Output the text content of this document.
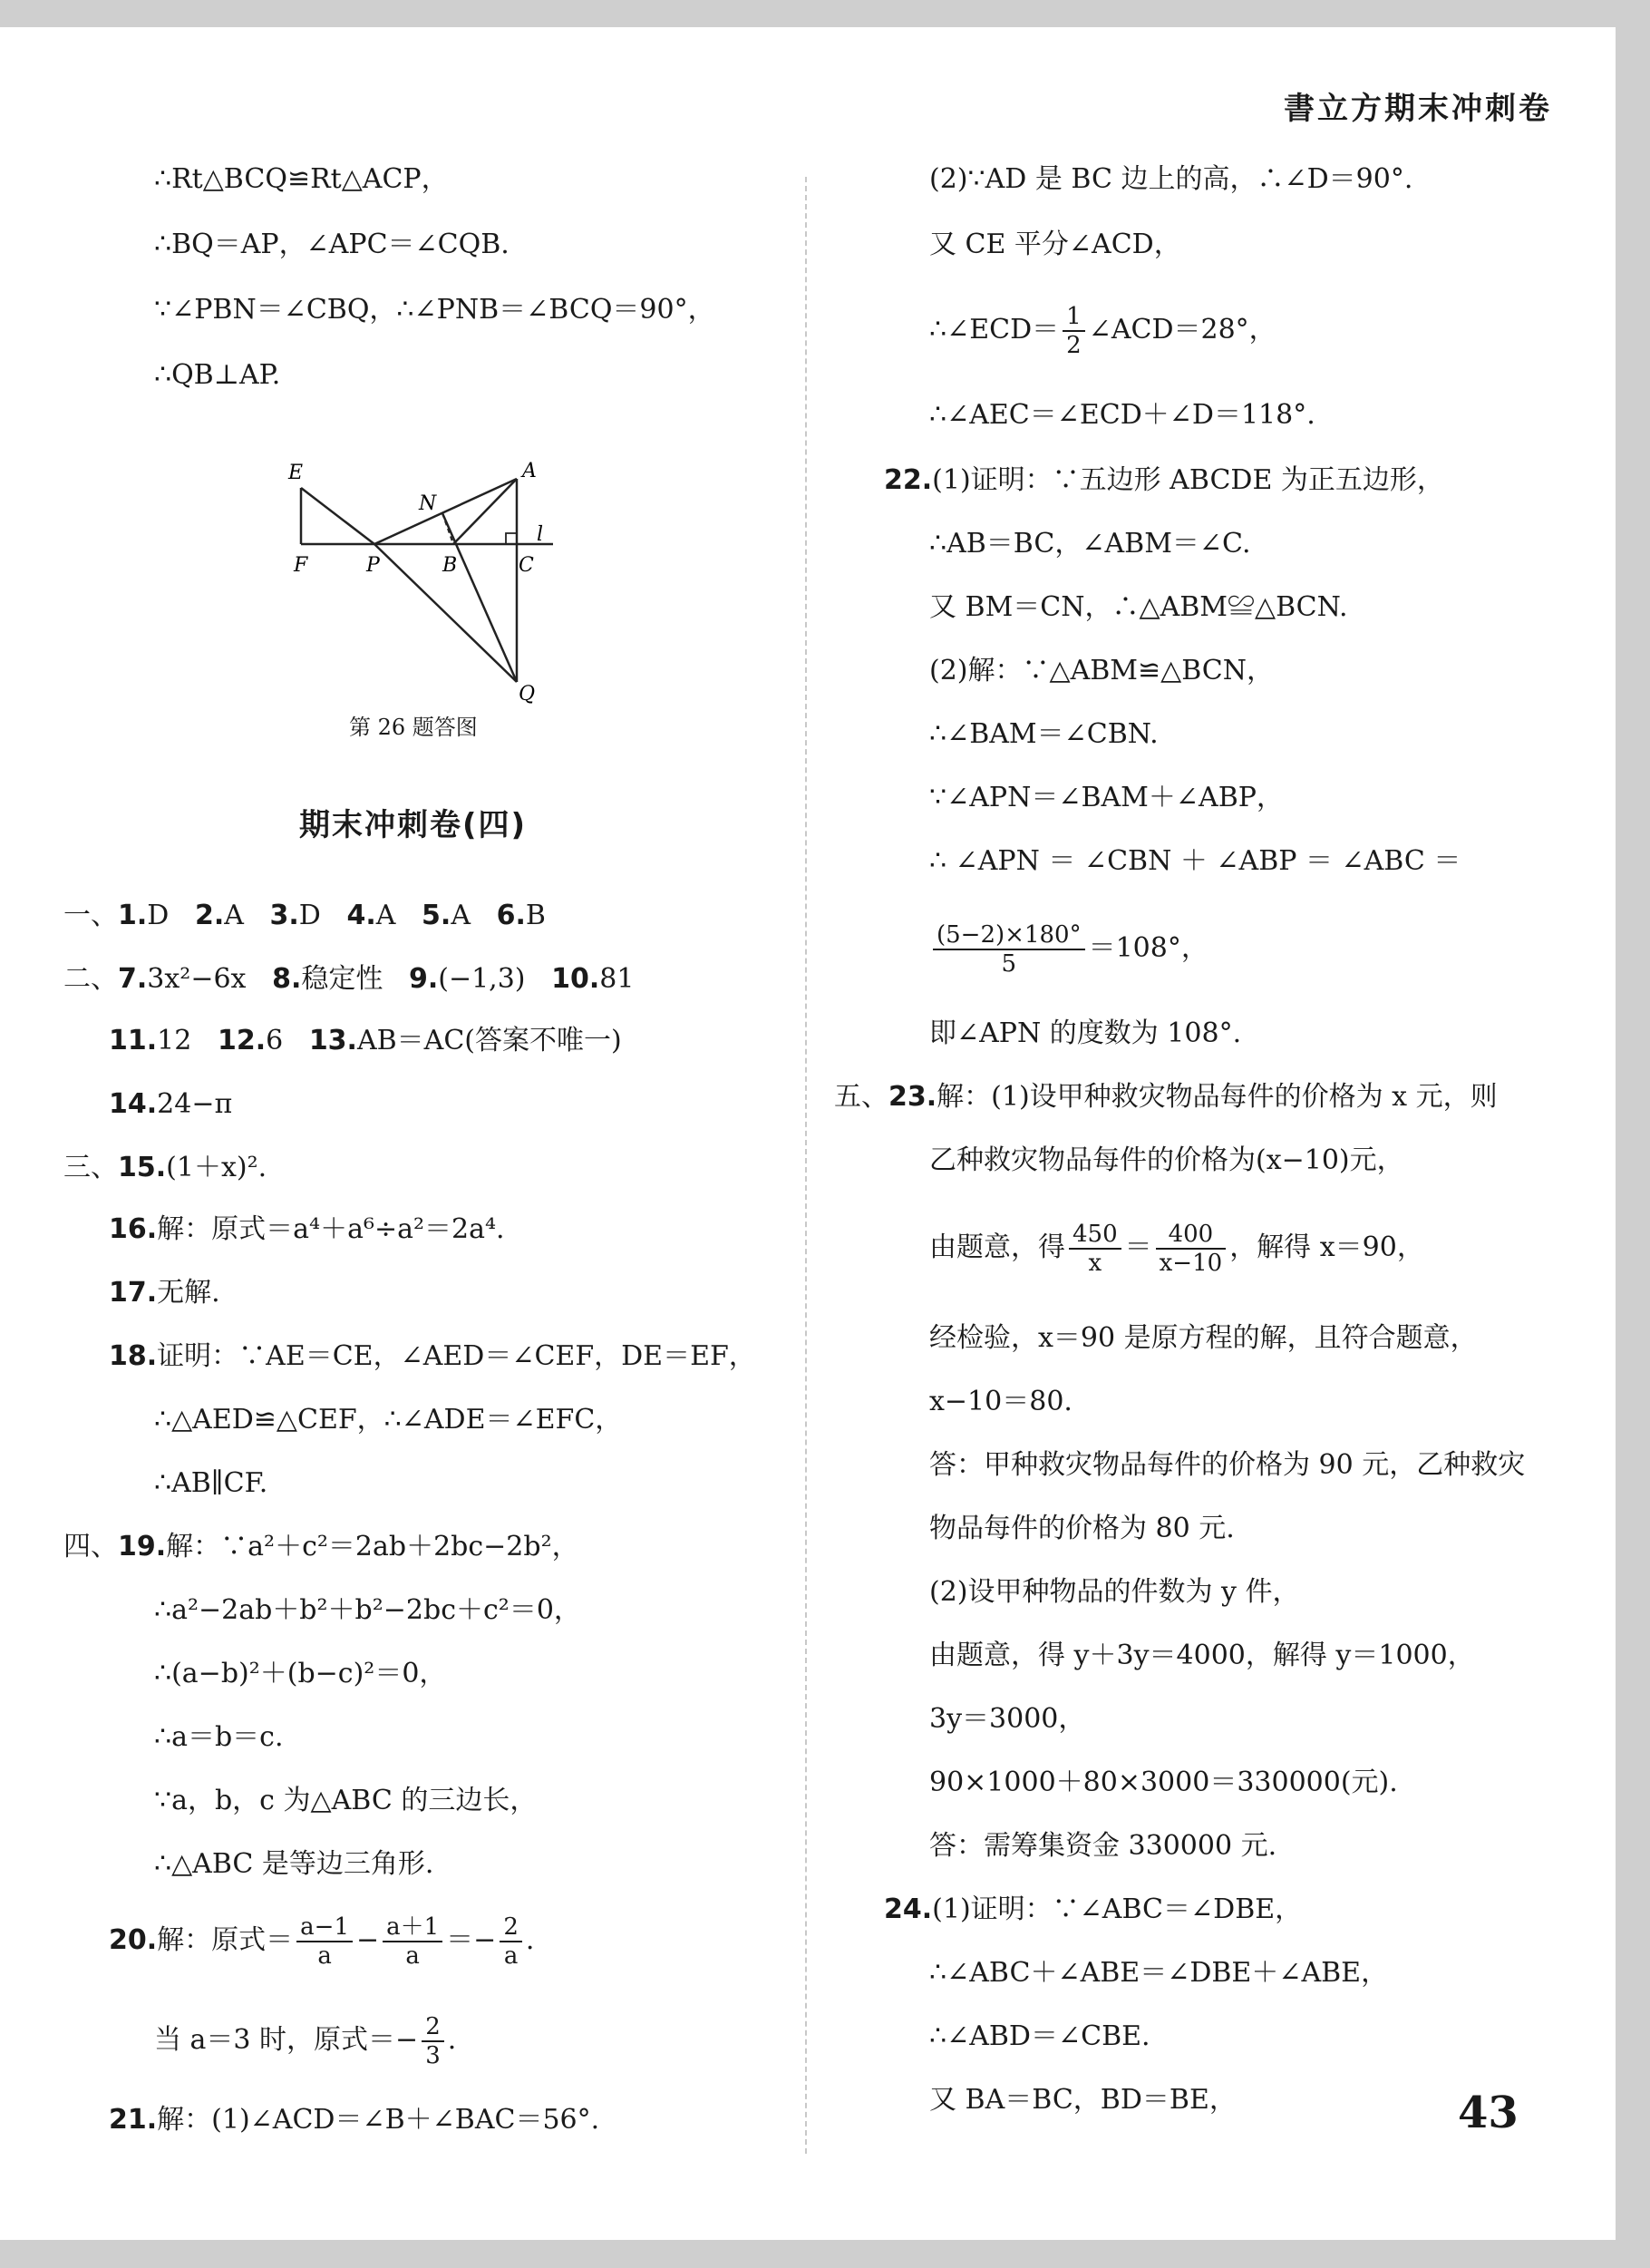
書立方期末冲刺卷
∴Rt△BCQ≌Rt△ACP，
∴BQ＝AP，∠APC＝∠CQB.
∵∠PBN＝∠CBQ，∴∠PNB＝∠BCQ＝90°，
∴QB⊥AP.
E	A
N
F	P	B	C
l
Q
第 26 题答图
期末冲刺卷(四)
一、1.D 2.A 3.D 4.A 5.A 6.B
二、7.3x²−6x 8.稳定性 9.(−1,3) 10.81
11.12 12.6 13.AB＝AC(答案不唯一)
14.24−π
三、15.(1＋x)².
16.解：原式＝a⁴＋a⁶÷a²＝2a⁴.
17.无解.
18.证明：∵AE＝CE，∠AED＝∠CEF，DE＝EF，
∴△AED≌△CEF，∴∠ADE＝∠EFC，
∴AB∥CF.
四、19.解：∵a²＋c²＝2ab＋2bc−2b²，
∴a²−2ab＋b²＋b²−2bc＋c²＝0，
∴(a−b)²＋(b−c)²＝0，
∴a＝b＝c.
∵a，b，c 为△ABC 的三边长，
∴△ABC 是等边三角形.
20.解：原式＝ $\frac{a-1}{a} - \frac{a+1}{a} =- \frac{2}{a}$ .
当 a＝3 时，原式＝− $\frac{2}{3}$ .
21.解：(1)∠ACD＝∠B＋∠BAC＝56°.
(2)∵AD 是 BC 边上的高，∴∠D＝90°.
又 CE 平分∠ACD，
∴∠ECD＝ $\frac{1}{2}$ ∠ACD＝28°，
∴∠AEC＝∠ECD＋∠D＝118°.
22.(1)证明：∵五边形 ABCDE 为正五边形，
∴AB＝BC，∠ABM＝∠C.
又 BM＝CN，∴△ABM≌△BCN.
(2)解：∵△ABM≌△BCN，
∴∠BAM＝∠CBN.
∵∠APN＝∠BAM＋∠ABP，
∴ ∠APN ＝ ∠CBN ＋ ∠ABP ＝ ∠ABC ＝
$\frac{(5-2)\times 180^\circ}{5} =108^\circ$，
即∠APN 的度数为 108°.
五、23.解：(1)设甲种救灾物品每件的价格为 x 元，则
乙种救灾物品每件的价格为(x−10)元，
由题意，得 $\frac{450}{x} = \frac{400}{x-10}$ ，解得 x＝90，
经检验，x＝90 是原方程的解，且符合题意，
x−10＝80.
答：甲种救灾物品每件的价格为 90 元，乙种救灾
物品每件的价格为 80 元.
(2)设甲种物品的件数为 y 件，
由题意，得 y＋3y＝4000，解得 y＝1000，
3y＝3000，
90×1000＋80×3000＝330000(元).
答：需筹集资金 330000 元.
24.(1)证明：∵∠ABC＝∠DBE，
∴∠ABC＋∠ABE＝∠DBE＋∠ABE，
∴∠ABD＝∠CBE.
又 BA＝BC，BD＝BE，	43
